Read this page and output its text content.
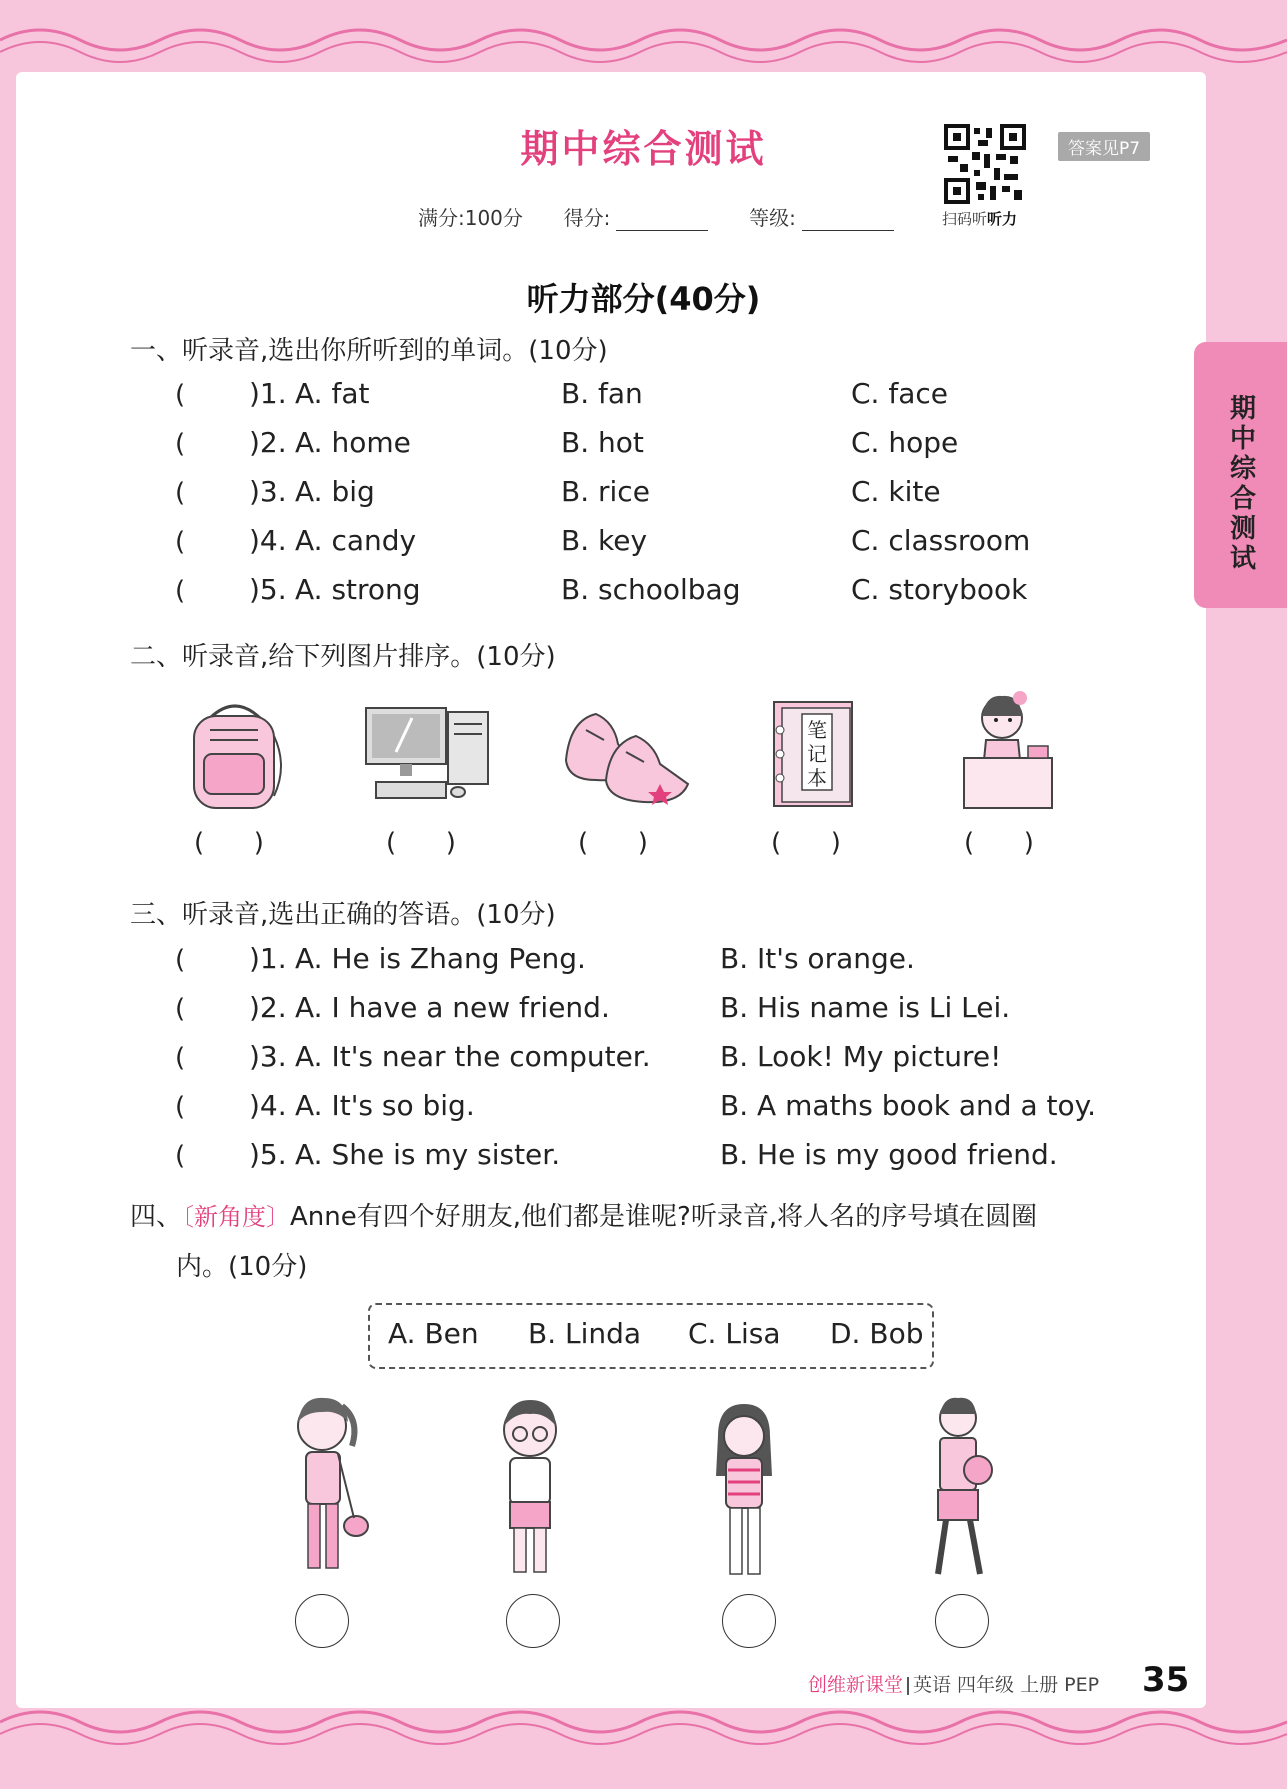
期中综合测试
扫码听听力
答案见P7
满分:100分 得分:	等级:
期中综合测试
听力部分(40分)
一、听录音,选出你所听到的单词。(10分)
( )1. A. fat	B. fan	C. face
( )2. A. home	B. hot	C. hope
( )3. A. big	B. rice	C. kite
( )4. A. candy	B. key	C. classroom
( )5. A. strong	B. schoolbag	C. storybook
二、听录音,给下列图片排序。(10分)
笔记本
(      )	(      )	(      )	(      )	(      )
三、听录音,选出正确的答语。(10分)
( )1. A. He is Zhang Peng.	B. It's orange.
( )2. A. I have a new friend.	B. His name is Li Lei.
( )3. A. It's near the computer.	B. Look! My picture!
( )4. A. It's so big.	B. A maths book and a toy.
( )5. A. She is my sister.	B. He is my good friend.
四、〔新角度〕Anne有四个好朋友,他们都是谁呢?听录音,将人名的序号填在圆圈
内。(10分)
A. Ben B. Linda C. Lisa D. Bob
创维新课堂 英语 四年级 上册 PEP 35
